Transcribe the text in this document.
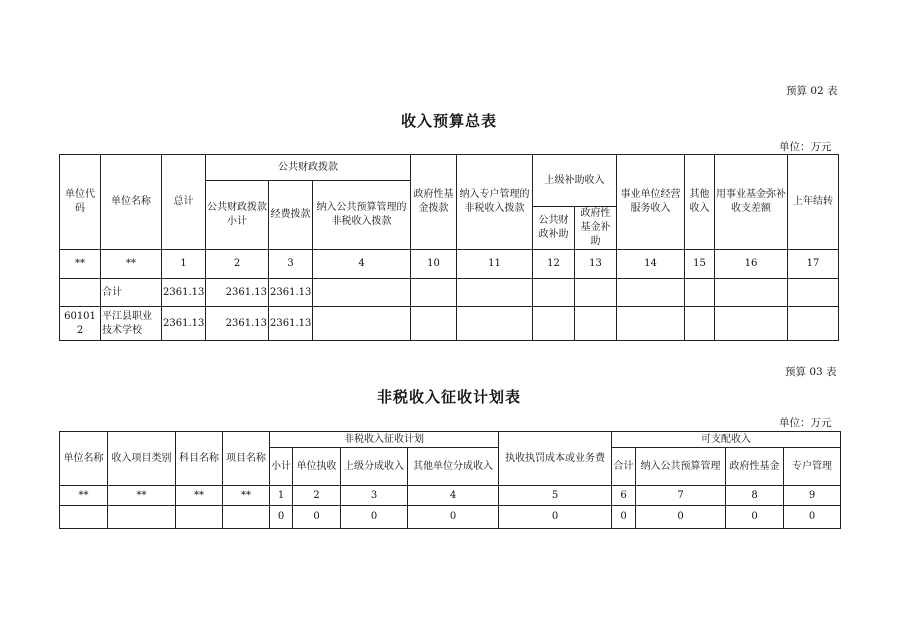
预算 02 表
收入预算总表
单位：万元
单位代码	单位名称	总计	公共财政拨款			政府性基金拨款	纳入专户管理的非税收入拨款	上级补助收入		事业单位经营服务收入	其他收入	用事业基金弥补收支差额	上年结转
			公共财政拨款小计	经费拨款	纳入公共预算管理的非税收入拨款								
								公共财政补助	政府性基金补助				
**	**	1	2	3	4	10	11	12	13	14	15	16	17
	合计	2361.13	2361.13	2361.13									
601012	平江县职业技术学校	2361.13	2361.13	2361.13									
预算 03 表
非税收入征收计划表
单位：万元
单位名称	收入项目类别	科目名称	项目名称	非税收入征收计划				执收执罚成本或业务费	可支配收入			
				小计	单位执收	上级分成收入	其他单位分成收入		合计	纳入公共预算管理	政府性基金	专户管理
**	**	**	**	1	2	3	4	5	6	7	8	9
				0	0	0	0	0	0	0	0	0
